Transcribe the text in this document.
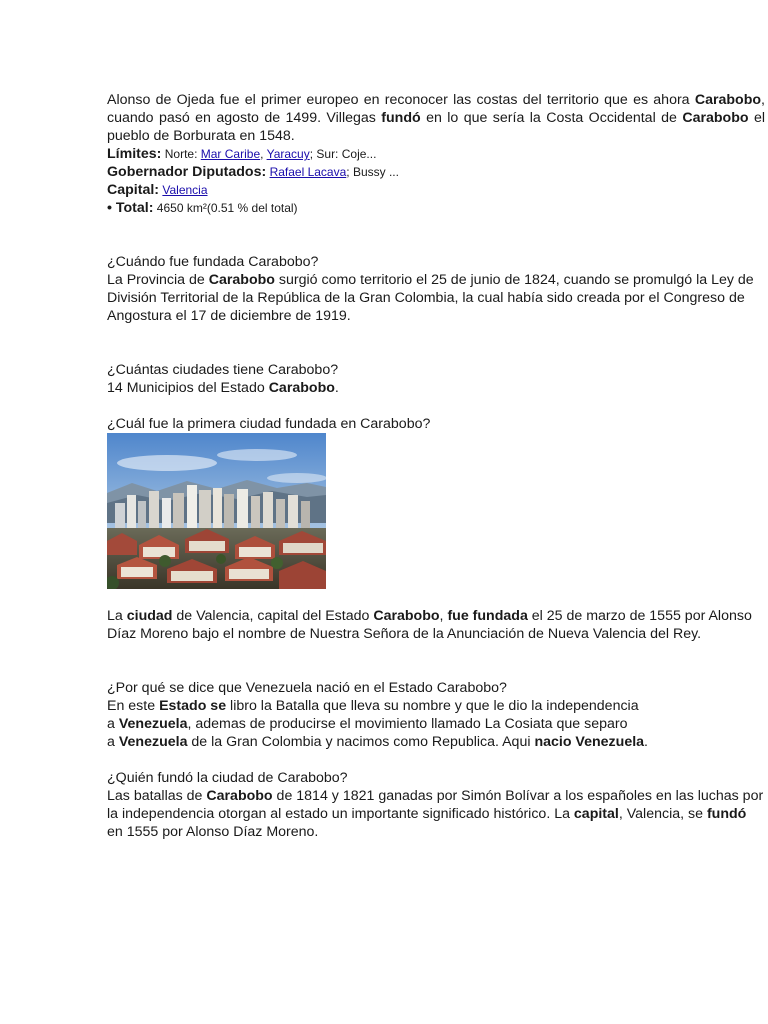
Alonso de Ojeda fue el primer europeo en reconocer las costas del territorio que es ahora Carabobo, cuando pasó en agosto de 1499. Villegas fundó en lo que sería la Costa Occidental de Carabobo el pueblo de Borburata en 1548.

Límites: Norte: Mar Caribe, Yaracuy; Sur: Coje...

Gobernador Diputados: Rafael Lacava; Bussy ...

Capital: Valencia

• Total: 4650 km²(0.51 % del total)

¿Cuándo fue fundada Carabobo?

La Provincia de Carabobo surgió como territorio el 25 de junio de 1824, cuando se promulgó la Ley de División Territorial de la República de la Gran Colombia, la cual había sido creada por el Congreso de Angostura el 17 de diciembre de 1919.

¿Cuántas ciudades tiene Carabobo?

14 Municipios del Estado Carabobo.

¿Cuál fue la primera ciudad fundada en Carabobo?

La ciudad de Valencia, capital del Estado Carabobo, fue fundada el 25 de marzo de 1555 por Alonso Díaz Moreno bajo el nombre de Nuestra Señora de la Anunciación de Nueva Valencia del Rey.

¿Por qué se dice que Venezuela nació en el Estado Carabobo?

En este Estado se libro la Batalla que lleva su nombre y que le dio la independencia

a Venezuela, ademas de producirse el movimiento llamado La Cosiata que separo

a Venezuela de la Gran Colombia y nacimos como Republica. Aqui nacio Venezuela.

¿Quién fundó la ciudad de Carabobo?

Las batallas de Carabobo de 1814 y 1821 ganadas por Simón Bolívar a los españoles en las luchas por la independencia otorgan al estado un importante significado histórico. La capital, Valencia, se fundó en 1555 por Alonso Díaz Moreno.
